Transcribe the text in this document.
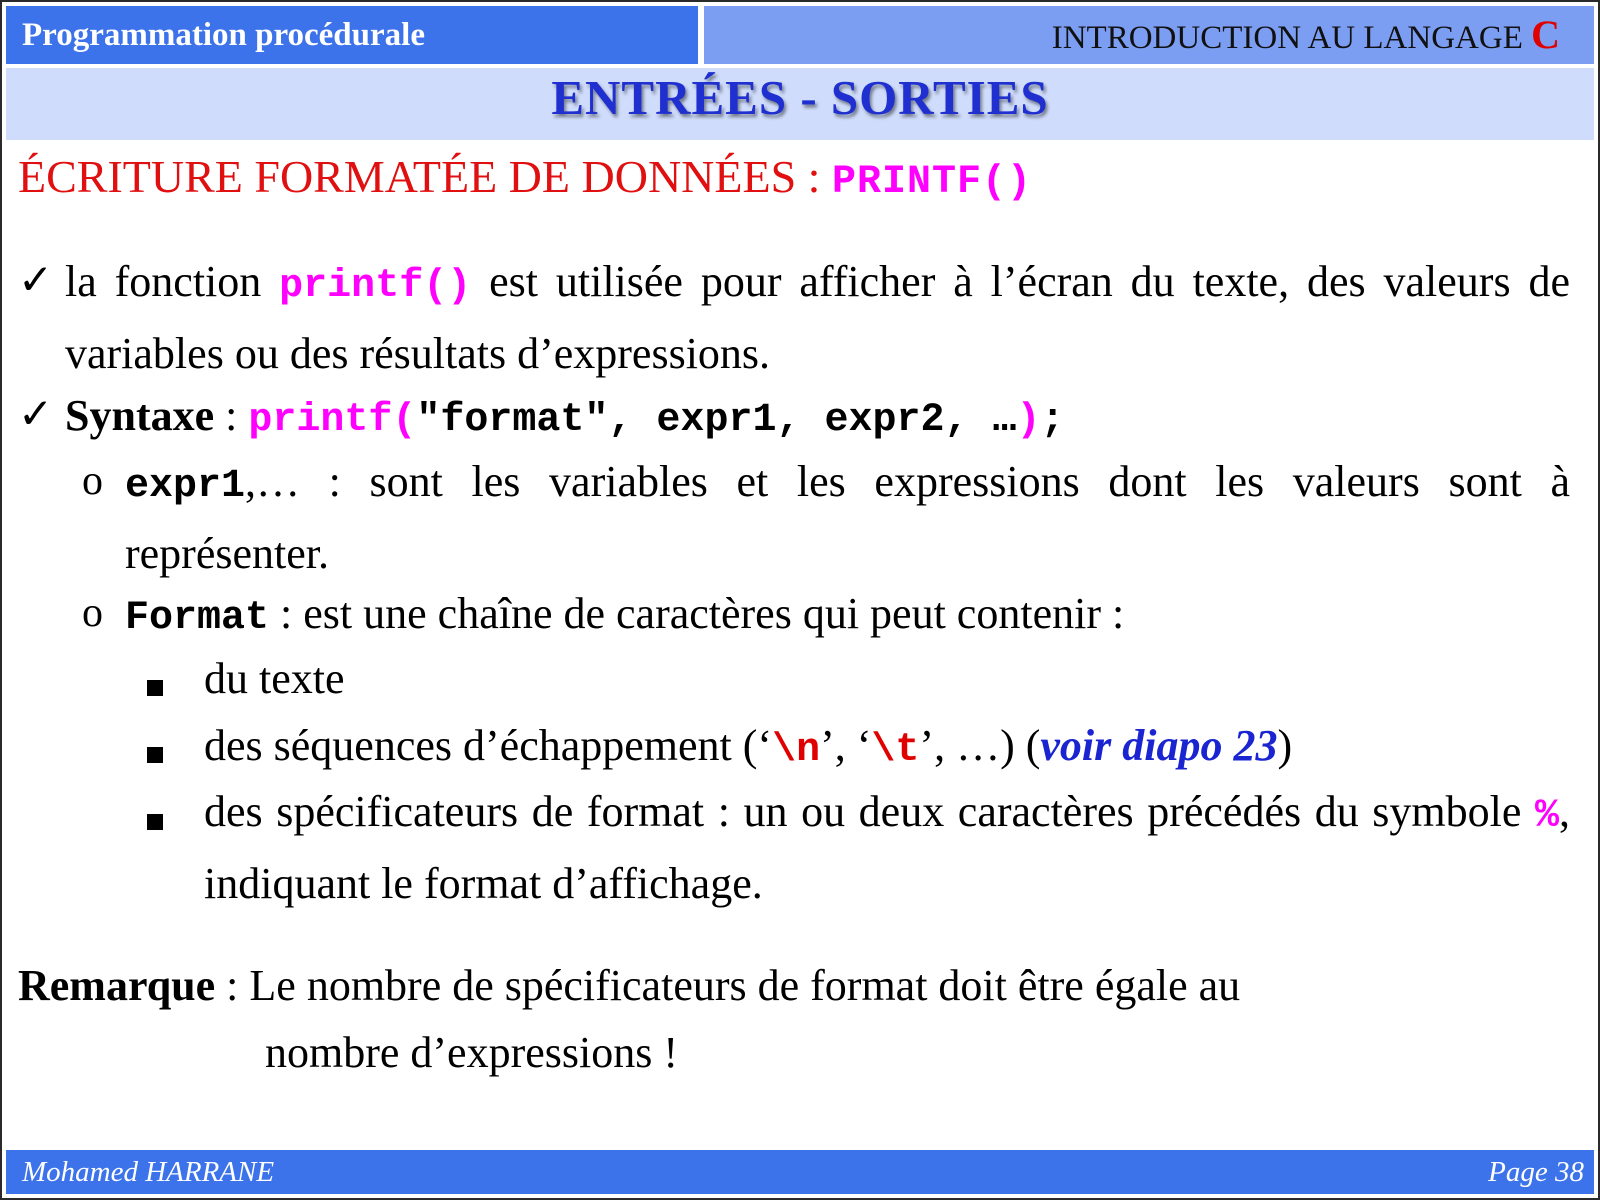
Programmation procédurale	INTRODUCTION AU LANGAGE C
ENTRÉES - SORTIES
ÉCRITURE FORMATÉE DE DONNÉES : PRINTF()
✓ la fonction printf() est utilisée pour afficher à l’écran du texte, des valeurs de variables ou des résultats d’expressions.
✓ Syntaxe : printf("format", expr1, expr2, …);
o expr1,… : sont les variables et les expressions dont les valeurs sont à représenter.
o Format : est une chaîne de caractères qui peut contenir :
du texte
des séquences d’échappement (‘\n’, ‘\t’, …) (voir diapo 23)
des spécificateurs de format : un ou deux caractères précédés du symbole %, indiquant le format d’affichage.
Remarque : Le nombre de spécificateurs de format doit être égale au
nombre d’expressions !
Mohamed HARRANE	Page 38
